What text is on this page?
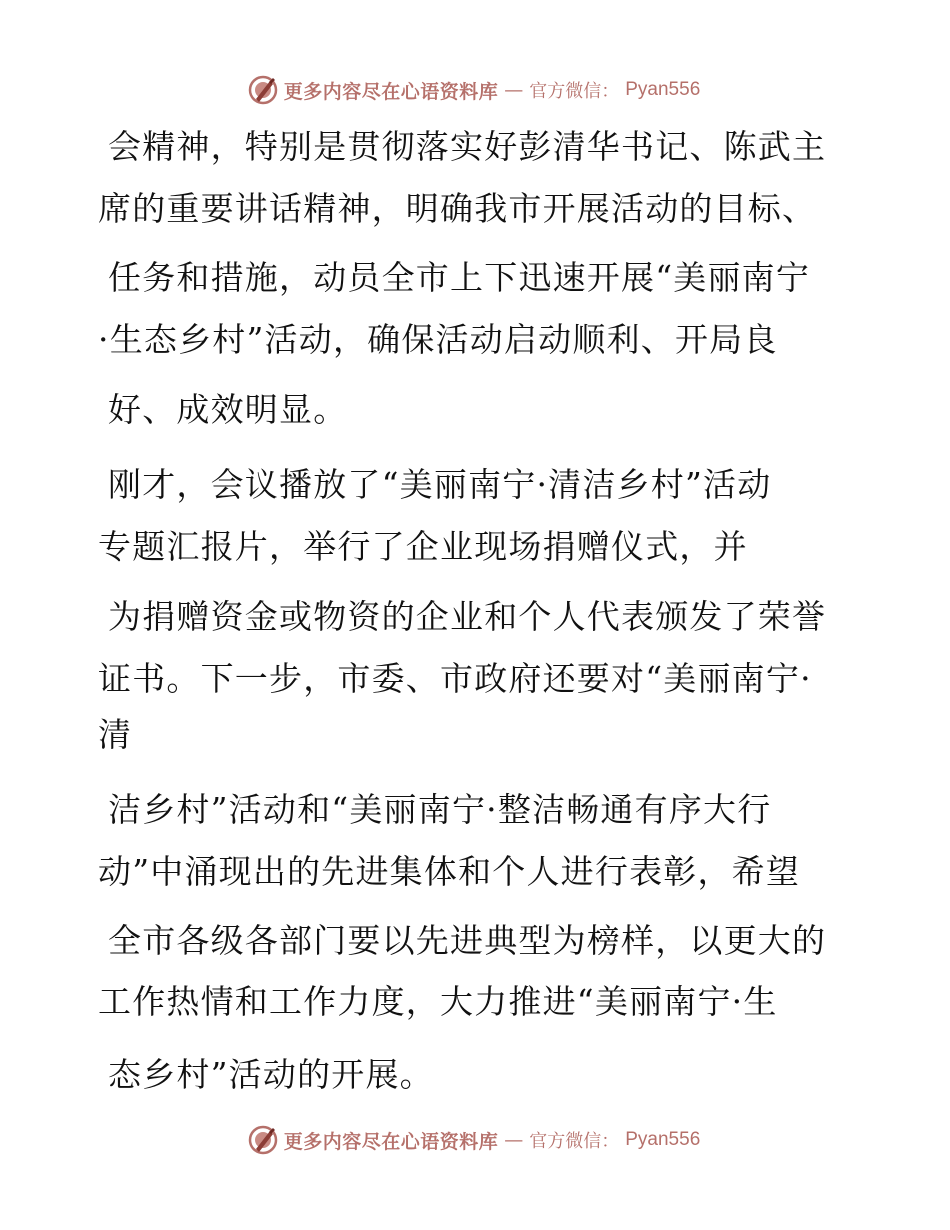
更多内容尽在心语资料库 — 官方微信： Pyan556
会精神，特别是贯彻落实好彭清华书记、陈武主
席的重要讲话精神，明确我市开展活动的目标、
任务和措施，动员全市上下迅速开展“美丽南宁
·生态乡村”活动，确保活动启动顺利、开局良
好、成效明显。
刚才，会议播放了“美丽南宁·清洁乡村”活动
专题汇报片，举行了企业现场捐赠仪式，并
为捐赠资金或物资的企业和个人代表颁发了荣誉
证书。下一步，市委、市政府还要对“美丽南宁·
清
洁乡村”活动和“美丽南宁·整洁畅通有序大行
动”中涌现出的先进集体和个人进行表彰，希望
全市各级各部门要以先进典型为榜样，以更大的
工作热情和工作力度，大力推进“美丽南宁·生
态乡村”活动的开展。
更多内容尽在心语资料库 — 官方微信： Pyan556
